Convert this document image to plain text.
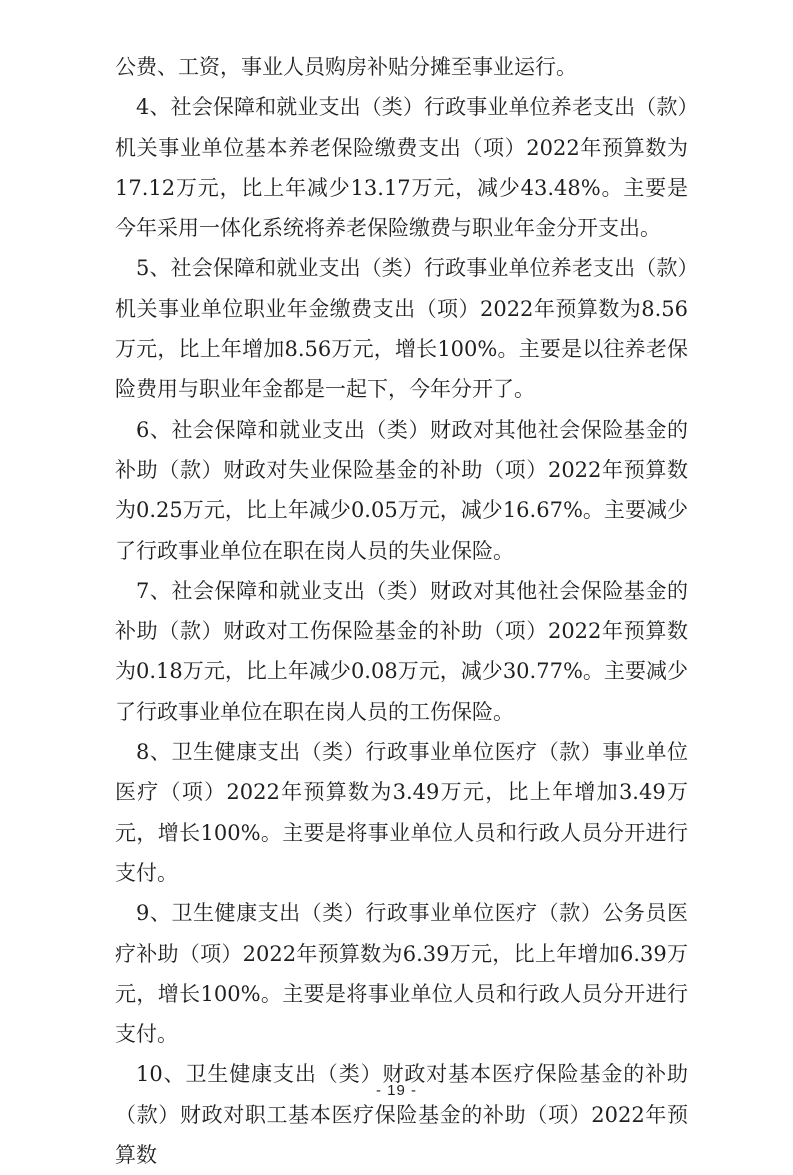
公费、工资，事业人员购房补贴分摊至事业运行。

4、社会保障和就业支出（类）行政事业单位养老支出（款）机关事业单位基本养老保险缴费支出（项）2022年预算数为17.12万元，比上年减少13.17万元，减少43.48%。主要是今年采用一体化系统将养老保险缴费与职业年金分开支出。

5、社会保障和就业支出（类）行政事业单位养老支出（款）机关事业单位职业年金缴费支出（项）2022年预算数为8.56万元，比上年增加8.56万元，增长100%。主要是以往养老保险费用与职业年金都是一起下，今年分开了。

6、社会保障和就业支出（类）财政对其他社会保险基金的补助（款）财政对失业保险基金的补助（项）2022年预算数为0.25万元，比上年减少0.05万元，减少16.67%。主要减少了行政事业单位在职在岗人员的失业保险。

7、社会保障和就业支出（类）财政对其他社会保险基金的补助（款）财政对工伤保险基金的补助（项）2022年预算数为0.18万元，比上年减少0.08万元，减少30.77%。主要减少了行政事业单位在职在岗人员的工伤保险。

8、卫生健康支出（类）行政事业单位医疗（款）事业单位医疗（项）2022年预算数为3.49万元，比上年增加3.49万元，增长100%。主要是将事业单位人员和行政人员分开进行支付。

9、卫生健康支出（类）行政事业单位医疗（款）公务员医疗补助（项）2022年预算数为6.39万元，比上年增加6.39万元，增长100%。主要是将事业单位人员和行政人员分开进行支付。

10、卫生健康支出（类）财政对基本医疗保险基金的补助（款）财政对职工基本医疗保险基金的补助（项）2022年预算数

- 19 -
